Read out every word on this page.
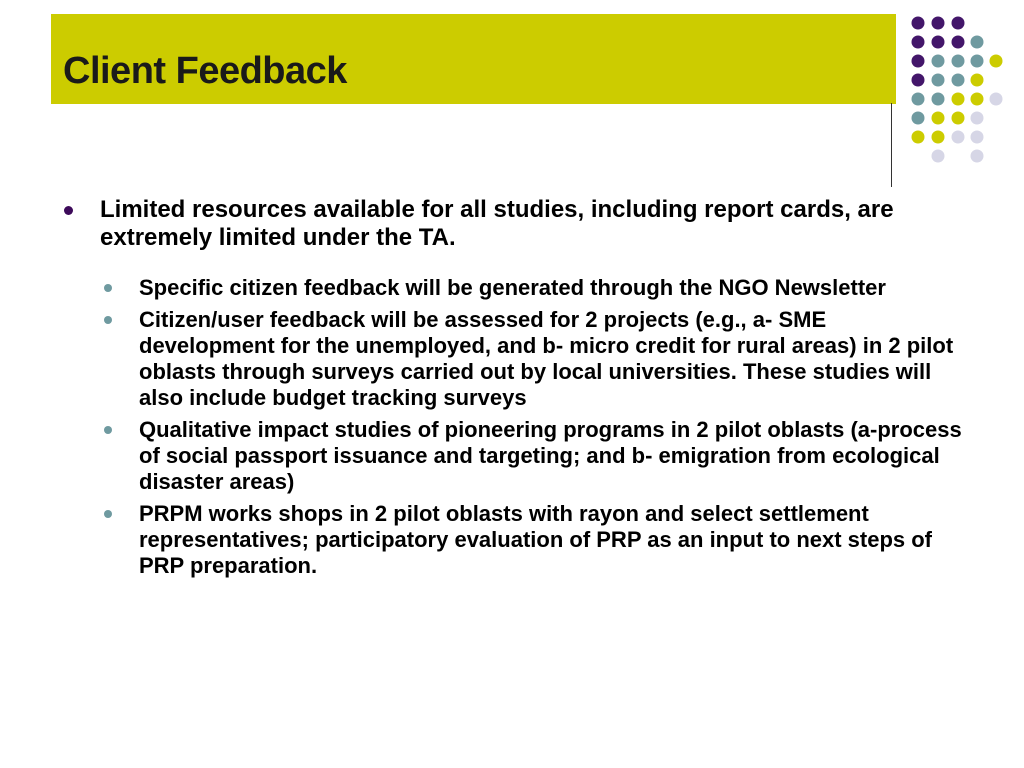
Client Feedback
Limited resources available for all studies, including report cards, are extremely limited under the TA.
Specific citizen feedback will be generated through the NGO Newsletter
Citizen/user feedback will be assessed for 2 projects (e.g., a- SME development for the unemployed, and b- micro credit for rural areas) in 2 pilot oblasts through surveys carried out by local universities. These studies will also include budget tracking surveys
Qualitative impact studies of pioneering programs in 2 pilot oblasts (a-process of social passport issuance and targeting; and b- emigration from ecological disaster areas)
PRPM works shops in 2 pilot oblasts with rayon and select settlement representatives; participatory evaluation of PRP as an input to next steps of PRP preparation.
